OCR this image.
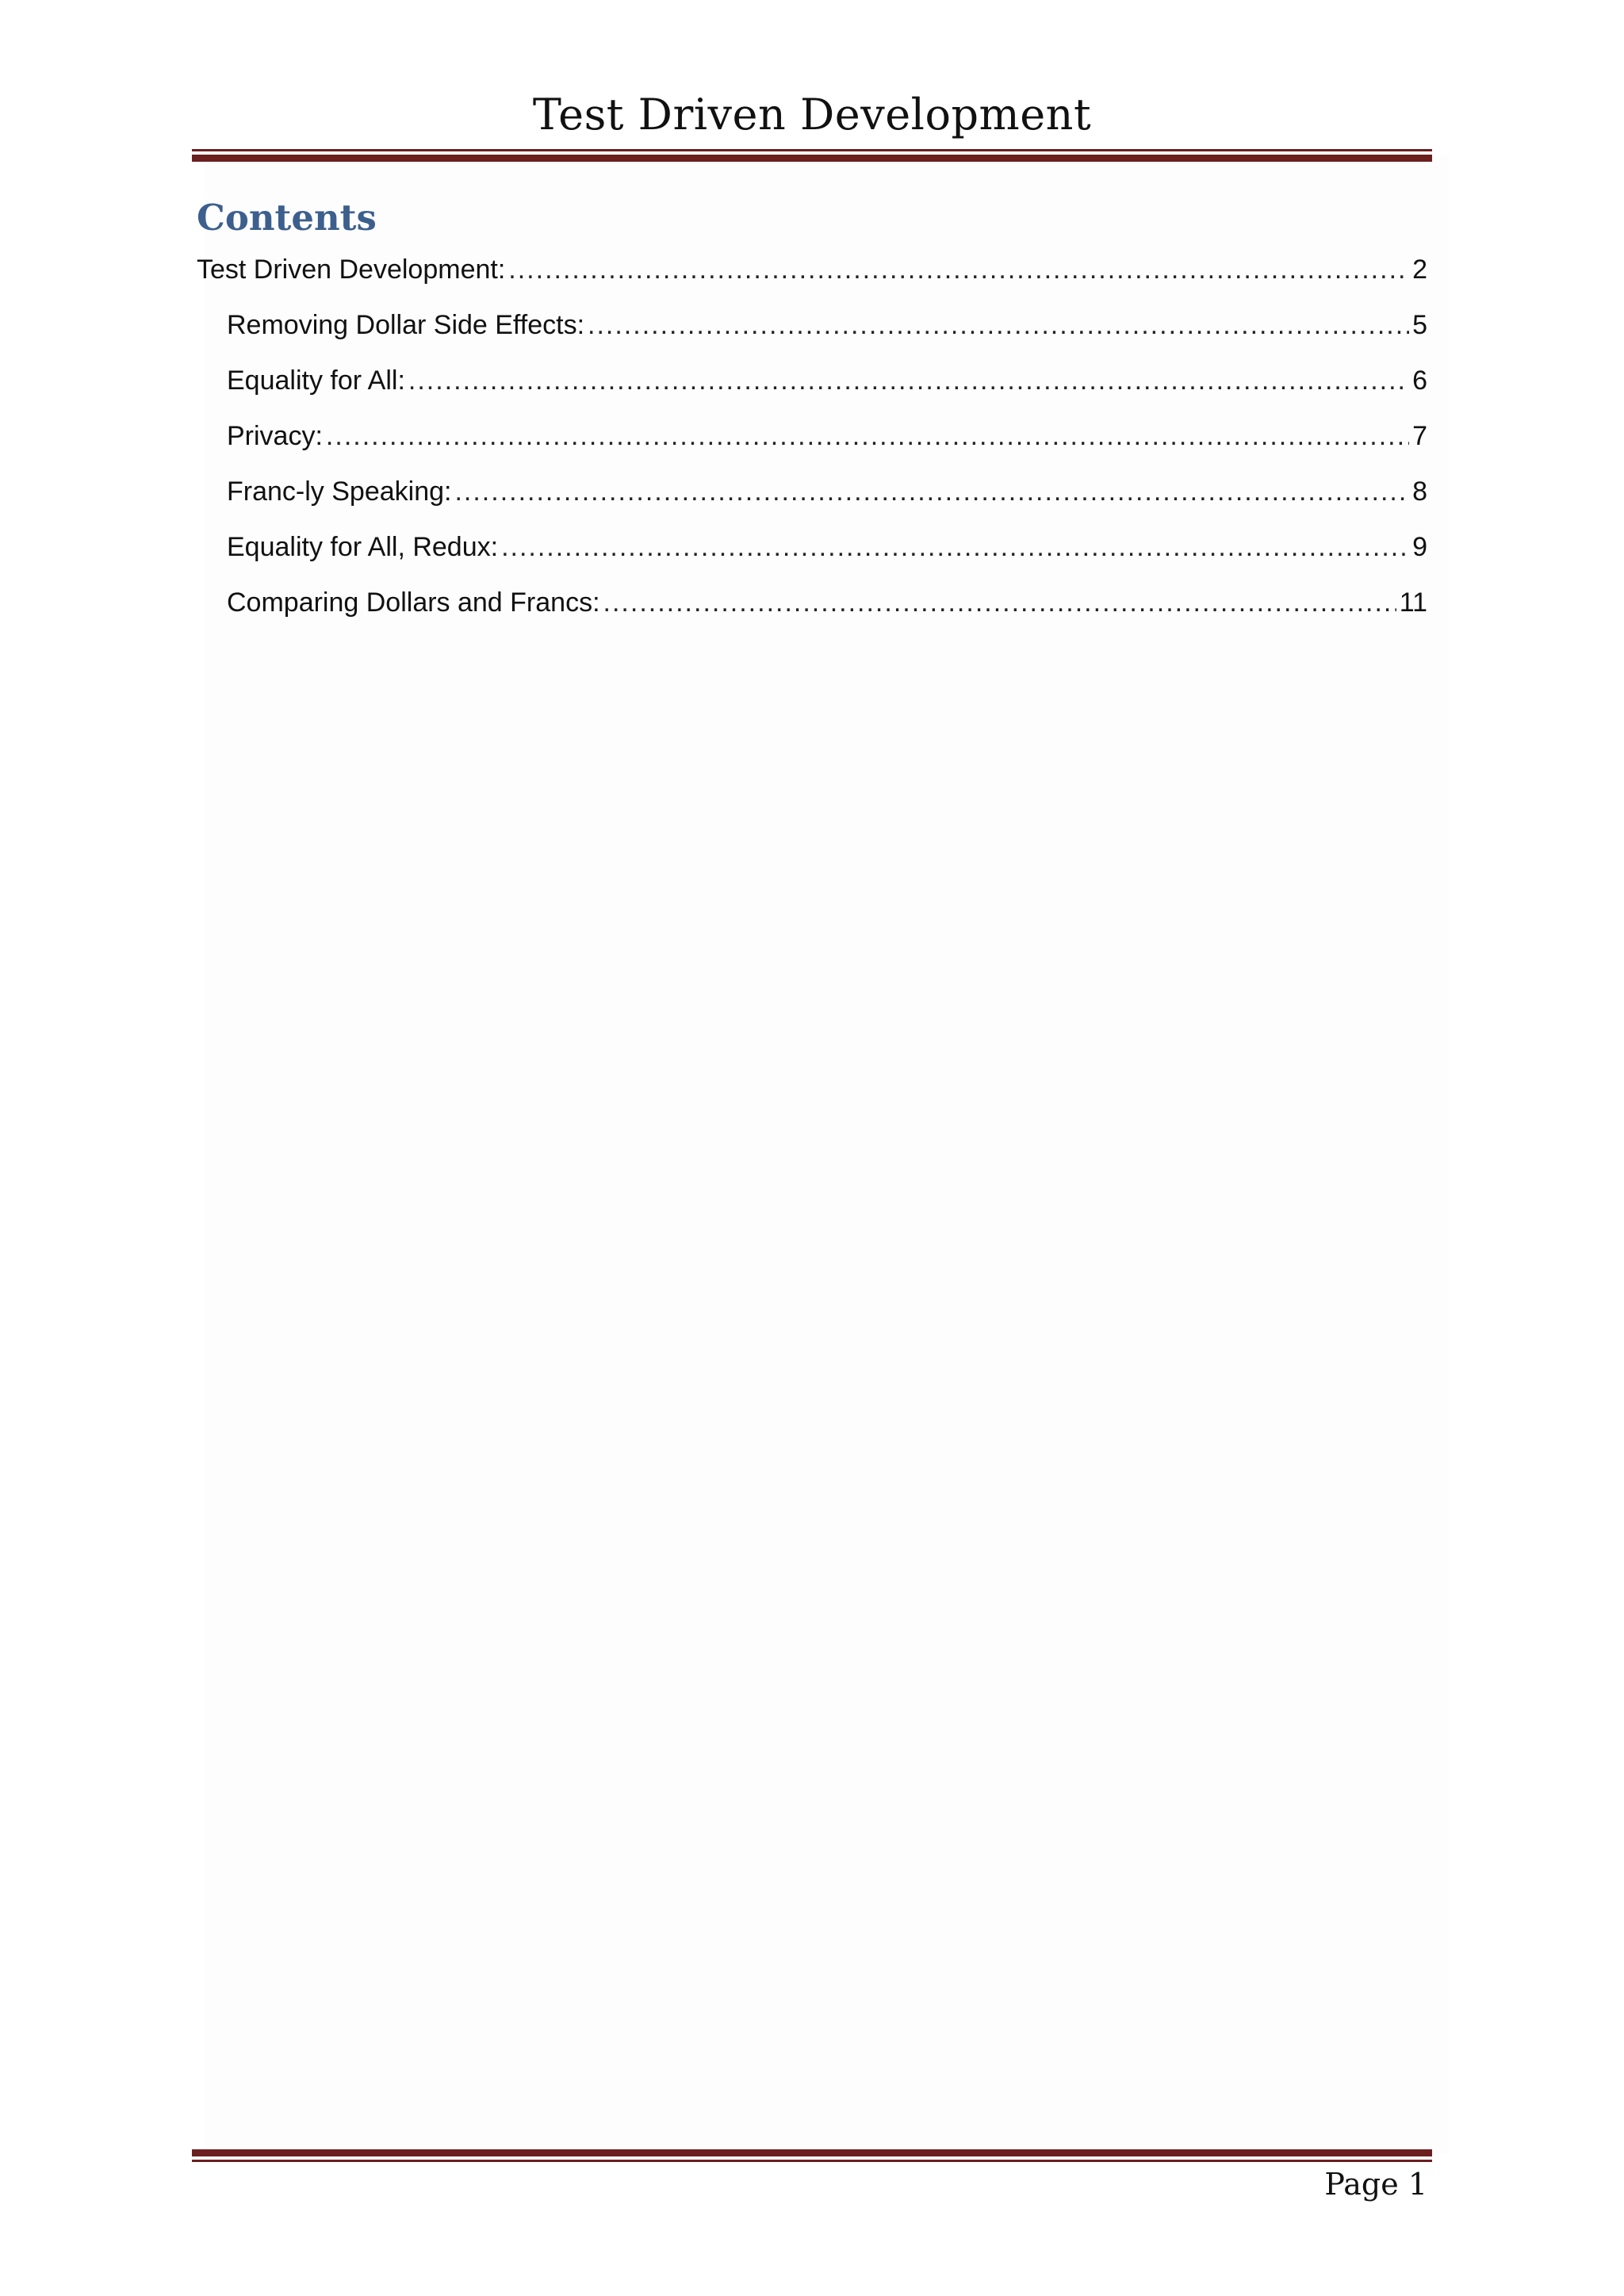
Test Driven Development
Contents
Test Driven Development: .....	2
Removing Dollar Side Effects: .....	5
Equality for All: .....	6
Privacy: .....	7
Franc-ly Speaking: .....	8
Equality for All, Redux: .....	9
Comparing Dollars and Francs: .....	11
Page 1
